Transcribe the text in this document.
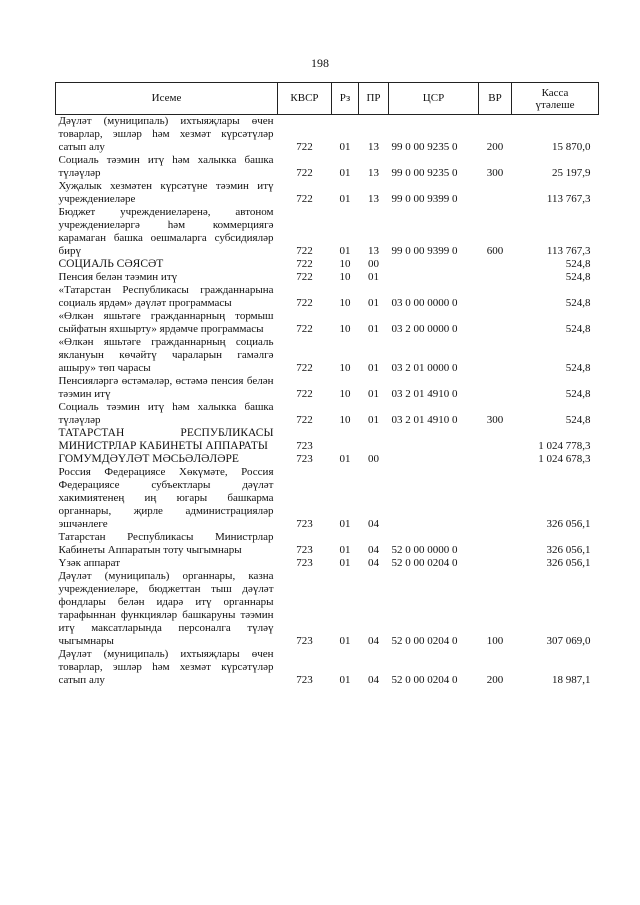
198
Исеме	КВСР	Рз	ПР	ЦСР	ВР	Касса
үтәлеше
Дәүләт (муниципаль) ихтыяҗлары өчен товарлар, эшләр һәм хезмәт күрсәтүләр сатып алу	722	01	13	99 0 00 9235 0	200	15 870,0
Социаль тәэмин итү һәм халыкка башка түләүләр	722	01	13	99 0 00 9235 0	300	25 197,9
Хуҗалык хезмәтен күрсәтүне тәэмин итү учреждениеләре	722	01	13	99 0 00 9399 0		113 767,3
Бюджет учреждениеләренә, автоном учреждениеләргә һәм коммерциягә карамаган башка оешмаларга субсидияләр бирү	722	01	13	99 0 00 9399 0	600	113 767,3
СОЦИАЛЬ СӘЯСӘТ	722	10	00			524,8
Пенсия белән тәэмин итү	722	10	01			524,8
«Татарстан Республикасы гражданнарына социаль ярдәм» дәүләт программасы	722	10	01	03 0 00 0000 0		524,8
«Өлкән яшьтәге гражданнарның тормыш сыйфатын яхшырту» ярдәмче программасы	722	10	01	03 2 00 0000 0		524,8
«Өлкән яшьтәге гражданнарның социаль яклануын көчәйтү чараларын гамәлгә ашыру» төп чарасы	722	10	01	03 2 01 0000 0		524,8
Пенсияләргә өстәмәләр, өстәмә пенсия белән тәэмин итү	722	10	01	03 2 01 4910 0		524,8
Социаль тәэмин итү һәм халыкка башка түләүләр	722	10	01	03 2 01 4910 0	300	524,8
ТАТАРСТАН РЕСПУБЛИКАСЫ МИНИСТРЛАР КАБИНЕТЫ АППАРАТЫ	723					1 024 778,3
ГОМУМДӘҮЛӘТ МӘСЬӘЛӘЛӘРЕ	723	01	00			1 024 678,3
Россия Федерациясе Хөкүмәте, Россия Федерациясе субъектлары дәүләт хакимиятенең иң югары башкарма органнары, җирле администрацияләр эшчәнлеге	723	01	04			326 056,1
Татарстан Республикасы Министрлар Кабинеты Аппаратын тоту чыгымнары	723	01	04	52 0 00 0000 0		326 056,1
Үзәк аппарат	723	01	04	52 0 00 0204 0		326 056,1
Дәүләт (муниципаль) органнары, казна учреждениеләре, бюджеттан тыш дәүләт фондлары белән идарә итү органнары тарафыннан функцияләр башкаруны тәэмин итү максатларында персоналга түләү чыгымнары	723	01	04	52 0 00 0204 0	100	307 069,0
Дәүләт (муниципаль) ихтыяҗлары өчен товарлар, эшләр һәм хезмәт күрсәтүләр сатып алу	723	01	04	52 0 00 0204 0	200	18 987,1
